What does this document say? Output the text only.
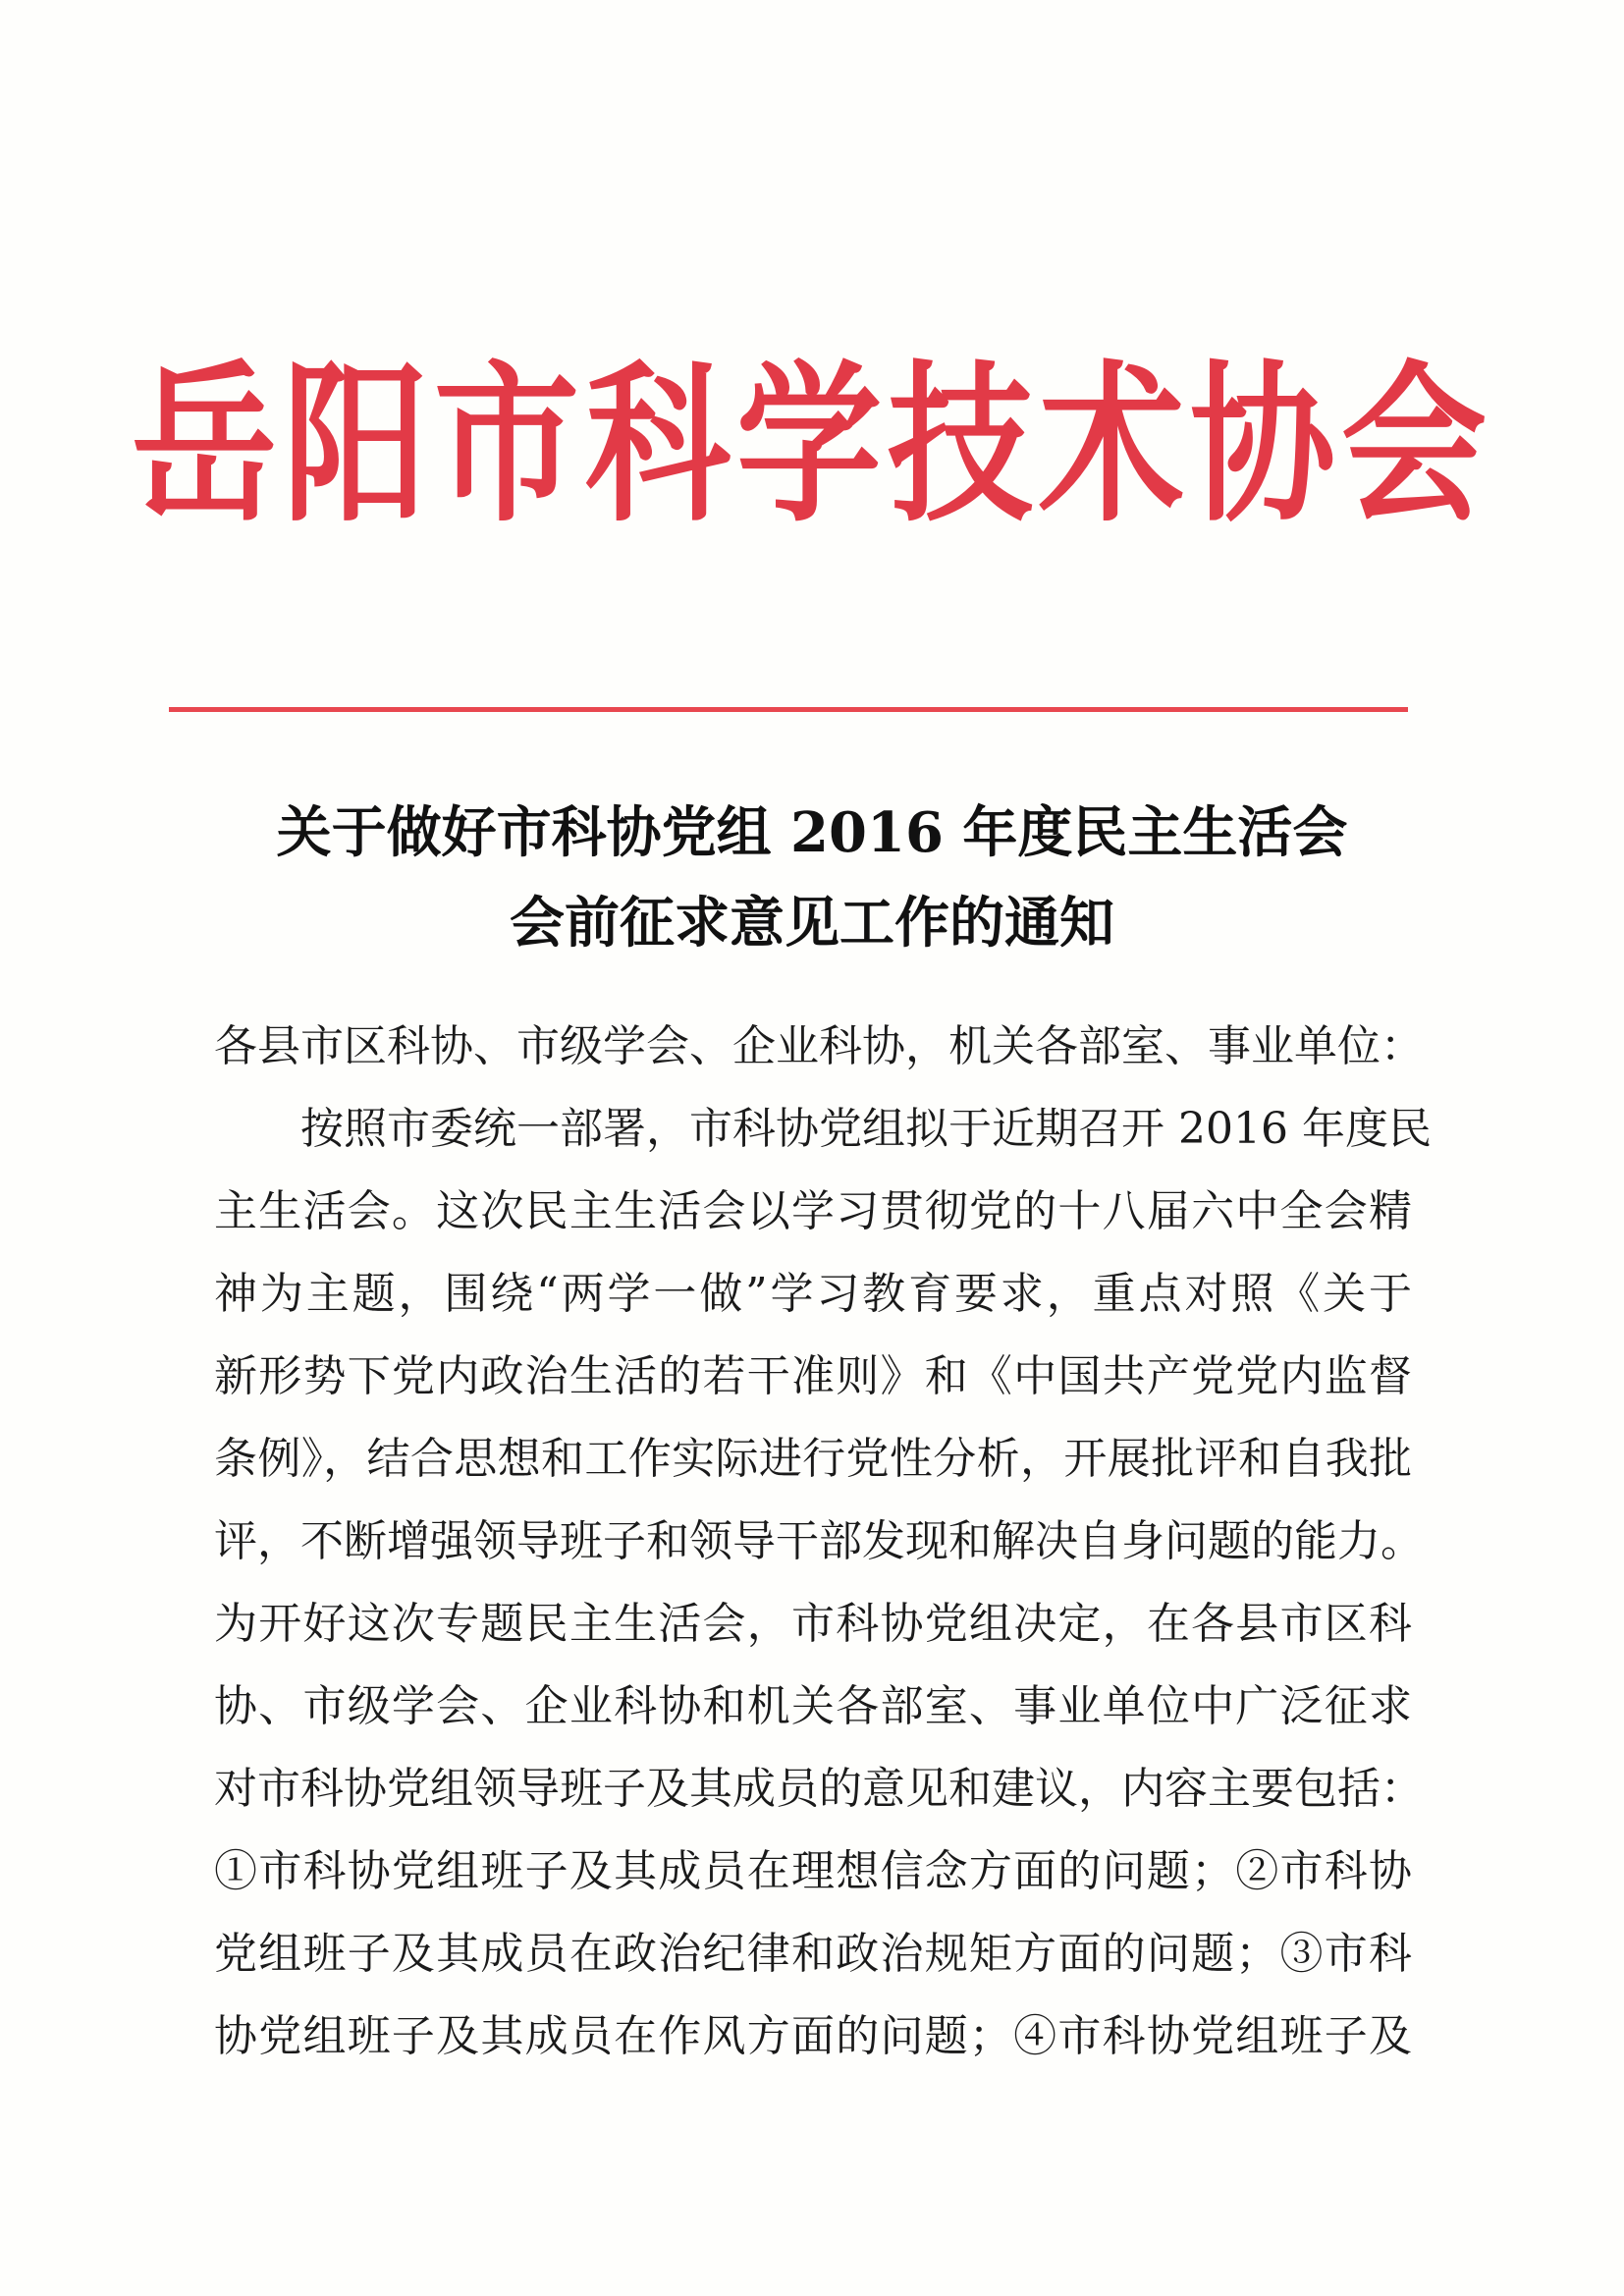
岳阳市科学技术协会
关于做好市科协党组 2016 年度民主生活会
会前征求意见工作的通知
各县市区科协、市级学会、企业科协，机关各部室、事业单位：
按照市委统一部署，市科协党组拟于近期召开 2016 年度民
主生活会。这次民主生活会以学习贯彻党的十八届六中全会精
神为主题，围绕“两学一做”学习教育要求，重点对照《关于
新形势下党内政治生活的若干准则》和《中国共产党党内监督
条例》，结合思想和工作实际进行党性分析，开展批评和自我批
评，不断增强领导班子和领导干部发现和解决自身问题的能力。
为开好这次专题民主生活会，市科协党组决定，在各县市区科
协、市级学会、企业科协和机关各部室、事业单位中广泛征求
对市科协党组领导班子及其成员的意见和建议，内容主要包括：
①市科协党组班子及其成员在理想信念方面的问题；②市科协
党组班子及其成员在政治纪律和政治规矩方面的问题；③市科
协党组班子及其成员在作风方面的问题；④市科协党组班子及
